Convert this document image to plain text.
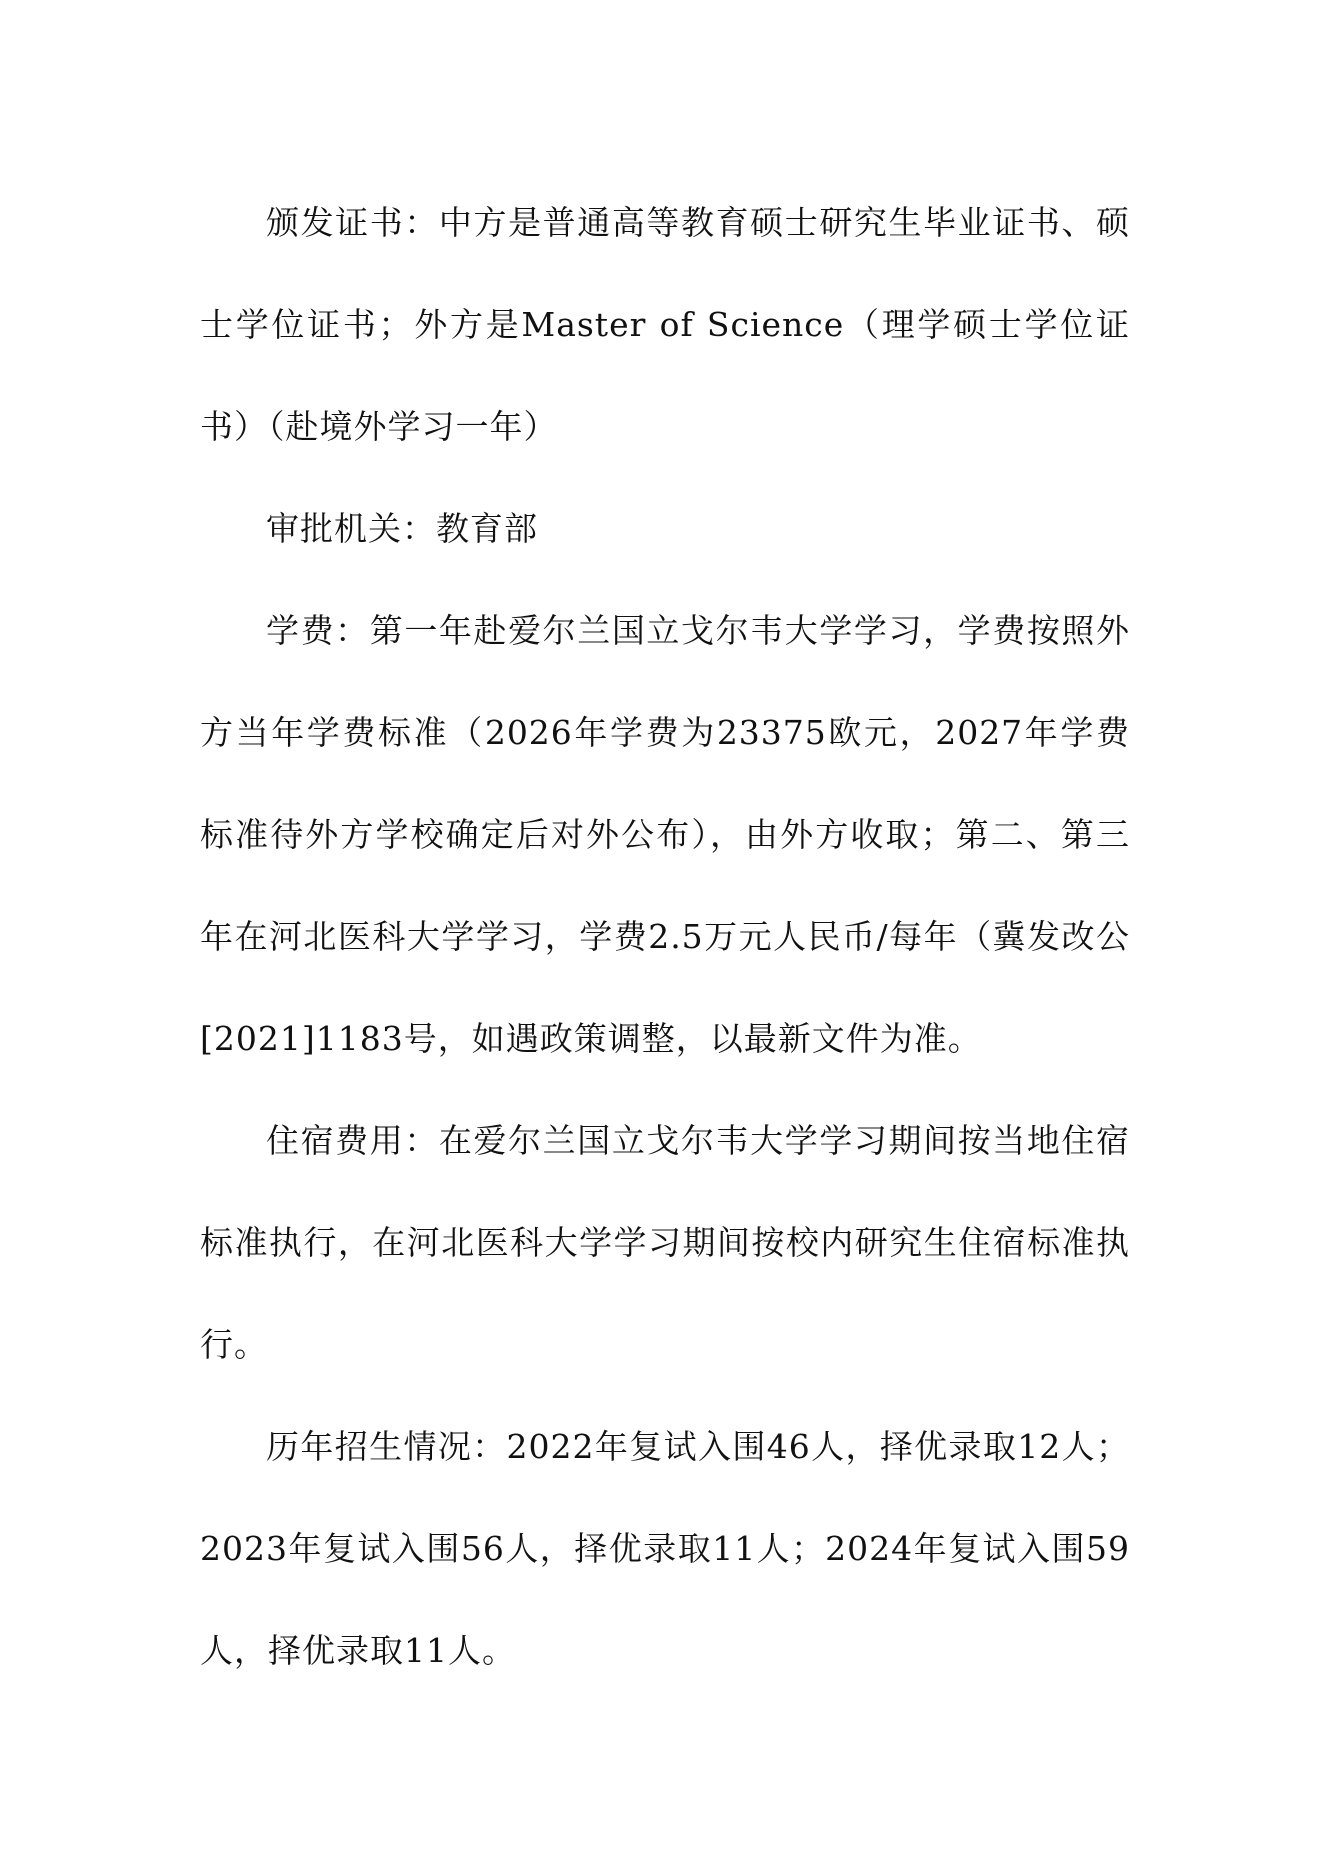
颁发证书：中方是普通高等教育硕士研究生毕业证书、硕士学位证书；外方是Master of Science（理学硕士学位证书）（赴境外学习一年）

审批机关：教育部

学费：第一年赴爱尔兰国立戈尔韦大学学习，学费按照外方当年学费标准（2026年学费为23375欧元，2027年学费标准待外方学校确定后对外公布），由外方收取；第二、第三年在河北医科大学学习，学费2.5万元人民币/每年（冀发改公[2021]1183号，如遇政策调整，以最新文件为准。

住宿费用：在爱尔兰国立戈尔韦大学学习期间按当地住宿标准执行，在河北医科大学学习期间按校内研究生住宿标准执行。

历年招生情况：2022年复试入围46人，择优录取12人；2023年复试入围56人，择优录取11人；2024年复试入围59人，择优录取11人。
